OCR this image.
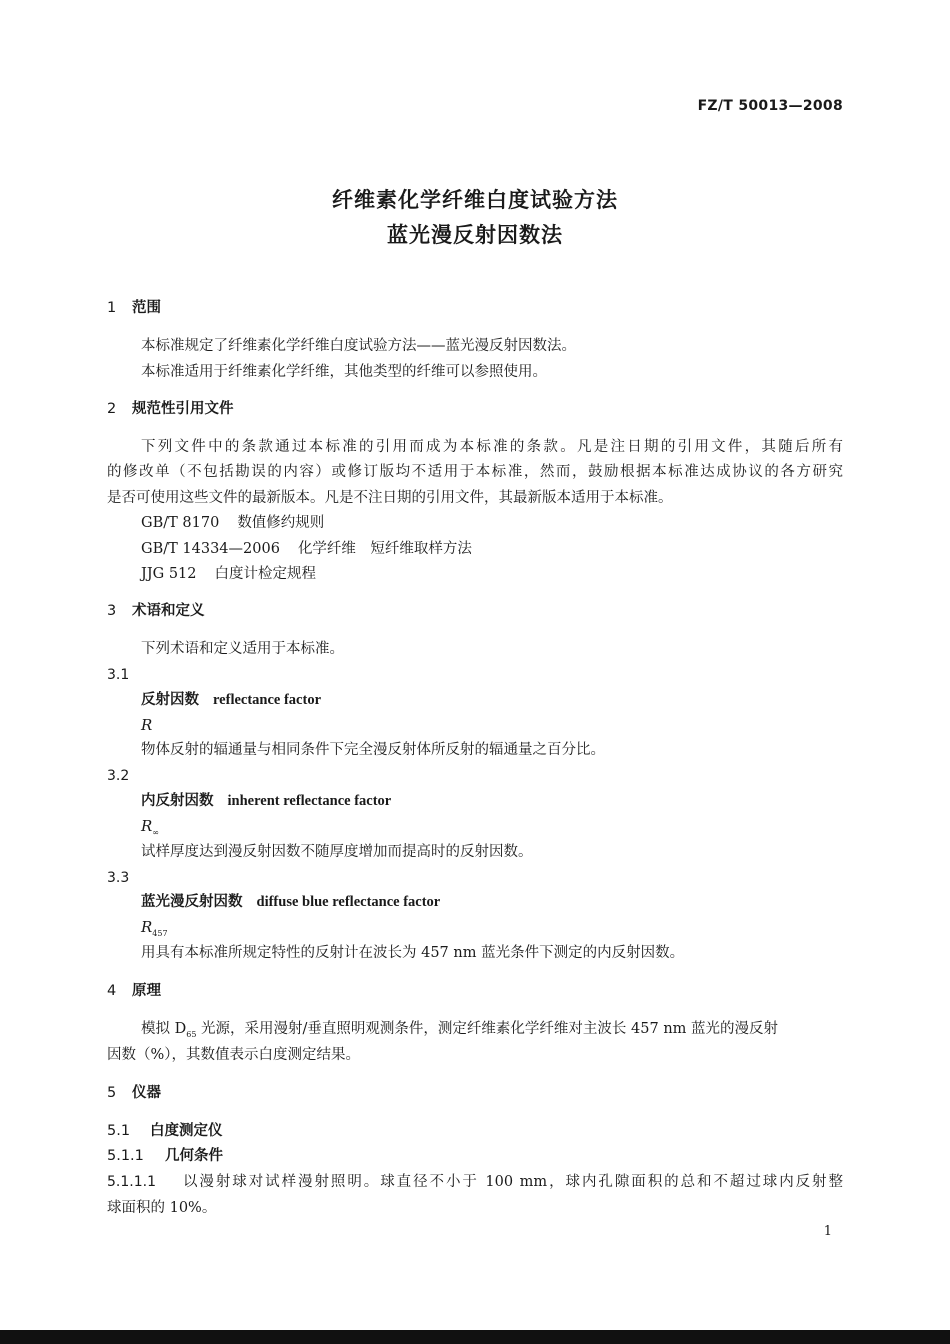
FZ/T 50013—2008
纤维素化学纤维白度试验方法
蓝光漫反射因数法
1 范围
本标准规定了纤维素化学纤维白度试验方法——蓝光漫反射因数法。
本标准适用于纤维素化学纤维，其他类型的纤维可以参照使用。
2 规范性引用文件
下列文件中的条款通过本标准的引用而成为本标准的条款。凡是注日期的引用文件，其随后所有
的修改单（不包括勘误的内容）或修订版均不适用于本标准，然而，鼓励根据本标准达成协议的各方研究
是否可使用这些文件的最新版本。凡是不注日期的引用文件，其最新版本适用于本标准。
GB/T 8170 数值修约规则
GB/T 14334—2006 化学纤维　短纤维取样方法
JJG 512 白度计检定规程
3 术语和定义
下列术语和定义适用于本标准。
3.1
反射因数 reflectance factor
R
物体反射的辐通量与相同条件下完全漫反射体所反射的辐通量之百分比。
3.2
内反射因数 inherent reflectance factor
$R_\infty$
试样厚度达到漫反射因数不随厚度增加而提高时的反射因数。
3.3
蓝光漫反射因数 diffuse blue reflectance factor
$R_{457}$
用具有本标准所规定特性的反射计在波长为 457 nm 蓝光条件下测定的内反射因数。
4 原理
模拟 $D_{65}$ 光源，采用漫射/垂直照明观测条件，测定纤维素化学纤维对主波长 457 nm 蓝光的漫反射
因数（%），其数值表示白度测定结果。
5 仪器
5.1 白度测定仪
5.1.1 几何条件
5.1.1.1 以漫射球对试样漫射照明。球直径不小于 100 mm，球内孔隙面积的总和不超过球内反射整
球面积的 10%。
1
